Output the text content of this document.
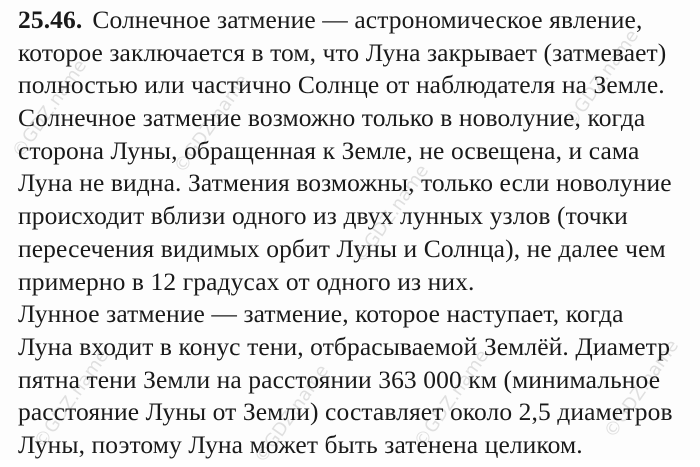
©GDZ.name	©GDZ.name
©GDZ.name
©GDZ.name
©GDZ.name	©GDZ.name	©GDZ.name	©GDZ.name
25.46. Солнечное затмение — астрономическое явление,
которое заключается в том, что Луна закрывает (затмевает)
полностью или частично Солнце от наблюдателя на Земле.
Солнечное затмение возможно только в новолуние, когда
сторона Луны, обращенная к Земле, не освещена, и сама
Луна не видна. Затмения возможны, только если новолуние
происходит вблизи одного из двух лунных узлов (точки
пересечения видимых орбит Луны и Солнца), не далее чем
примерно в 12 градусах от одного из них.
Лунное затмение — затмение, которое наступает, когда
Луна входит в конус тени, отбрасываемой Землёй. Диаметр
пятна тени Земли на расстоянии 363 000 км (минимальное
расстояние Луны от Земли) составляет около 2,5 диаметров
Луны, поэтому Луна может быть затенена целиком.
